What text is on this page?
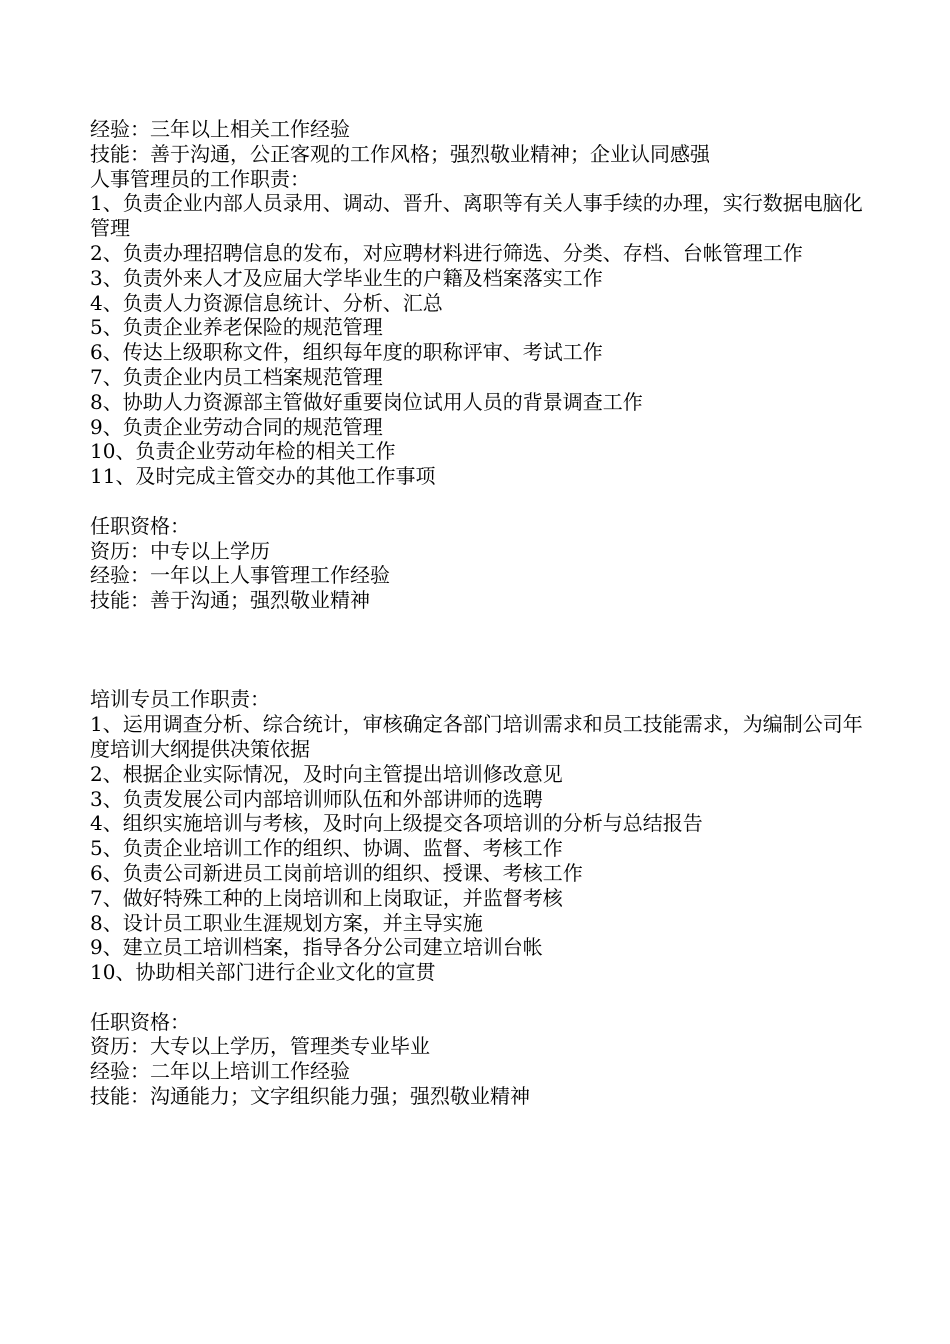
经验：三年以上相关工作经验
技能：善于沟通，公正客观的工作风格；强烈敬业精神；企业认同感强
人事管理员的工作职责：
1、负责企业内部人员录用、调动、晋升、离职等有关人事手续的办理，实行数据电脑化管理
2、负责办理招聘信息的发布，对应聘材料进行筛选、分类、存档、台帐管理工作
3、负责外来人才及应届大学毕业生的户籍及档案落实工作
4、负责人力资源信息统计、分析、汇总
5、负责企业养老保险的规范管理
6、传达上级职称文件，组织每年度的职称评审、考试工作
7、负责企业内员工档案规范管理
8、协助人力资源部主管做好重要岗位试用人员的背景调查工作
9、负责企业劳动合同的规范管理
10、负责企业劳动年检的相关工作
11、及时完成主管交办的其他工作事项
任职资格：
资历：中专以上学历
经验：一年以上人事管理工作经验
技能：善于沟通；强烈敬业精神
培训专员工作职责：
1、运用调查分析、综合统计，审核确定各部门培训需求和员工技能需求，为编制公司年度培训大纲提供决策依据
2、根据企业实际情况，及时向主管提出培训修改意见
3、负责发展公司内部培训师队伍和外部讲师的选聘
4、组织实施培训与考核，及时向上级提交各项培训的分析与总结报告
5、负责企业培训工作的组织、协调、监督、考核工作
6、负责公司新进员工岗前培训的组织、授课、考核工作
7、做好特殊工种的上岗培训和上岗取证，并监督考核
8、设计员工职业生涯规划方案，并主导实施
9、建立员工培训档案，指导各分公司建立培训台帐
10、协助相关部门进行企业文化的宣贯
任职资格：
资历：大专以上学历，管理类专业毕业
经验：二年以上培训工作经验
技能：沟通能力；文字组织能力强；强烈敬业精神
